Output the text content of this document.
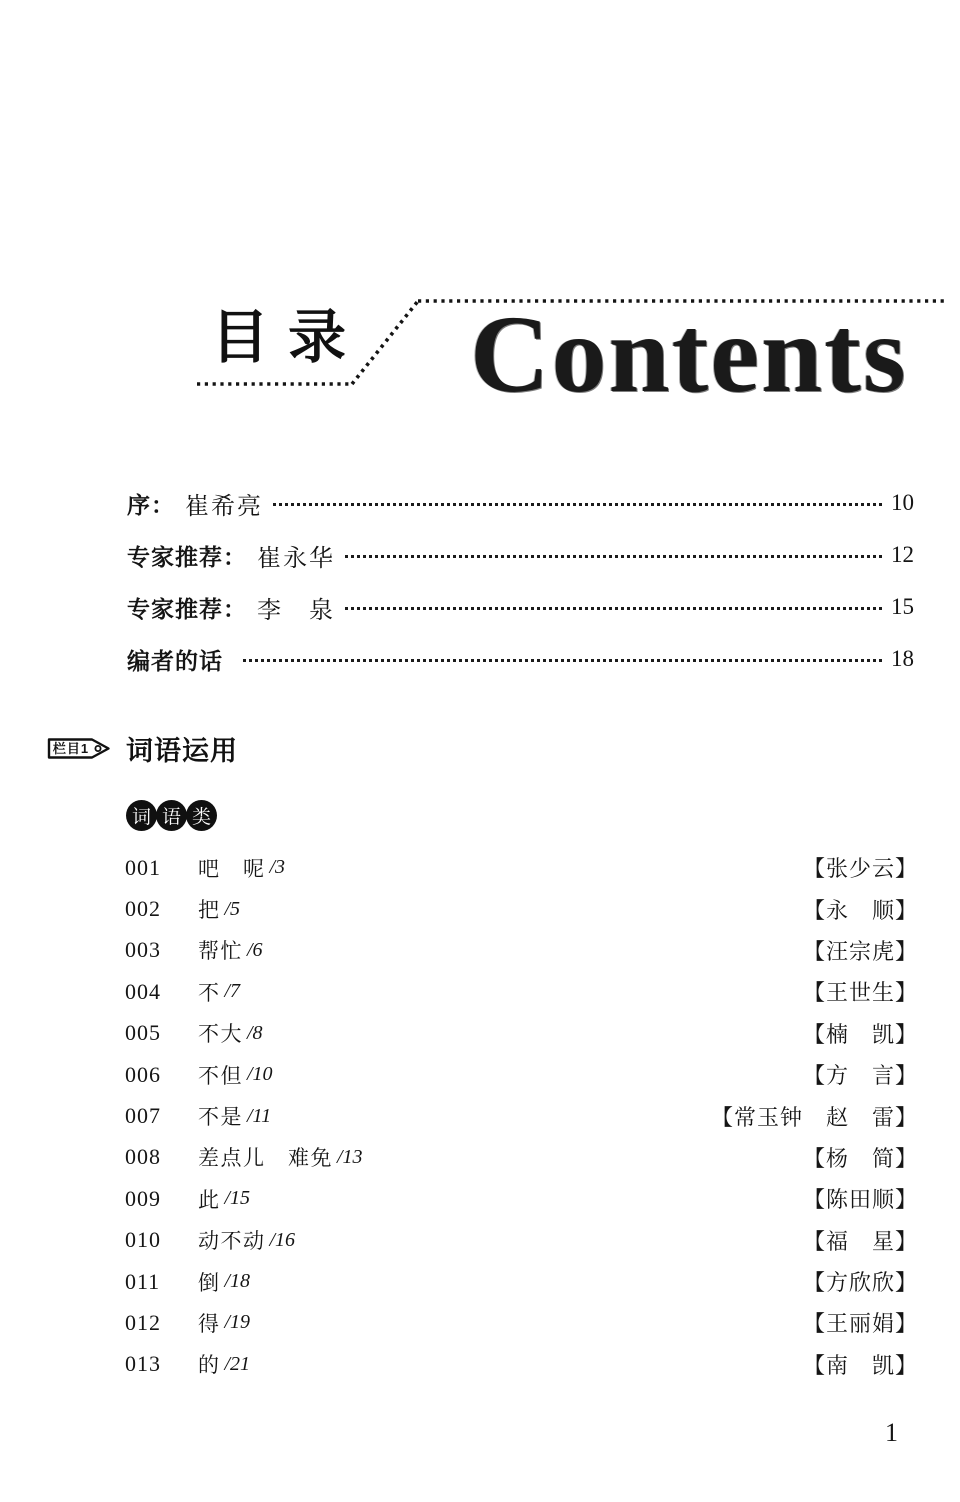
目录 Contents
序： 崔希亮	10
专家推荐： 崔永华	12
专家推荐： 李　泉	15
编者的话	18
栏目1 词语运用
词 语 类
001	吧　呢 /3	【张少云】
002	把 /5	【永　顺】
003	帮忙 /6	【汪宗虎】
004	不 /7	【王世生】
005	不大 /8	【楠　凯】
006	不但 /10	【方　言】
007	不是 /11	【常玉钟　赵　雷】
008	差点儿　难免 /13	【杨　简】
009	此 /15	【陈田顺】
010	动不动 /16	【福　星】
011	倒 /18	【方欣欣】
012	得 /19	【王丽娟】
013	的 /21	【南　凯】
1
